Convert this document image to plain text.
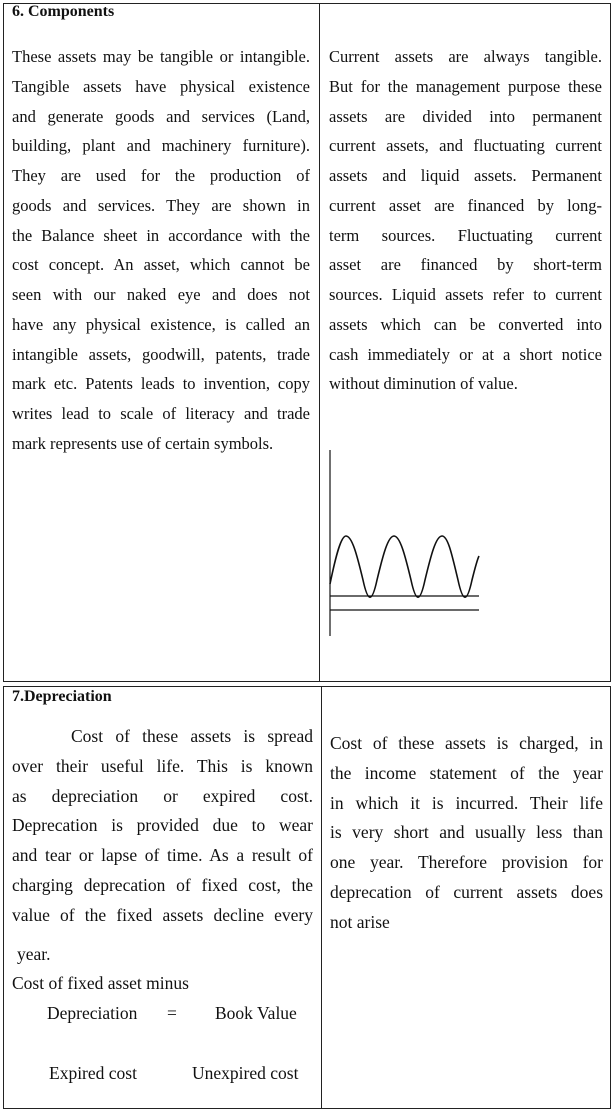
6. Components
These assets may be tangible or intangible.
Tangible assets have physical existence
and generate goods and services (Land,
building, plant and machinery furniture).
They are used for the production of
goods and services. They are shown in
the Balance sheet in accordance with the
cost concept. An asset, which cannot be
seen with our naked eye and does not
have any physical existence, is called an
intangible assets, goodwill, patents, trade
mark etc. Patents leads to invention, copy
writes lead to scale of literacy and trade
mark represents use of certain symbols.
Current assets are always tangible.
But for the management purpose these
assets are divided into permanent
current assets, and fluctuating current
assets and liquid assets. Permanent
current asset are financed by long-
term sources. Fluctuating current
asset are financed by short-term
sources. Liquid assets refer to current
assets which can be converted into
cash immediately or at a short notice
without diminution of value.
7.Depreciation
Cost of these assets is spread
over their useful life. This is known
as depreciation or expired cost.
Deprecation is provided due to wear
and tear or lapse of time. As a result of
charging deprecation of fixed cost, the
value of the fixed assets decline every
year.
Cost of fixed asset minus
Depreciation = Book Value
Expired cost	Unexpired cost
Cost of these assets is charged, in
the income statement of the year
in which it is incurred. Their life
is very short and usually less than
one year. Therefore provision for
deprecation of current assets does
not arise
